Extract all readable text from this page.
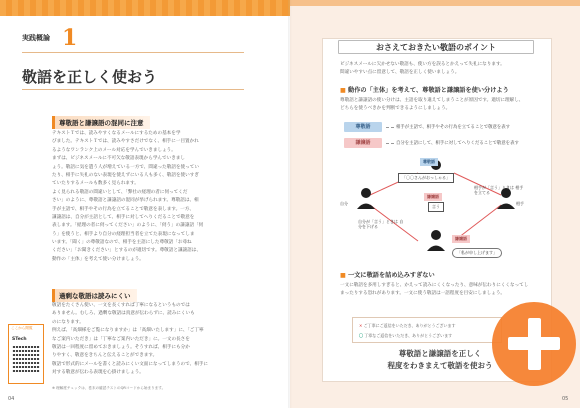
実践概論 1
敬語を正しく使おう
尊敬語と謙譲語の混同に注意
テキストＴでは、読みやすくなるメールにするための基本を学
びました。テキストＴでは、読みやすさだけでなく、相手に一目置かれ
るようなワンランク上のメール対応を学んでいきましょう。
まずは、ビジネスメールに不可欠な敬語表現から学んでいきまし
ょう。敬語に気を遣う人が増えている一方で、間違った敬語を使ってい
たり、相手に失礼のない表現を使えずにいる人も多く、敬語を使いすぎ
ていたりするメールも数多く見られます。
よく見られる敬語の間違いとして、「弊社の経理の者に伺ってくだ
さい」のように、尊敬語と謙譲語の混同が挙げられます。尊敬語は、相
手が主語で、相手やその行為を立てることで敬意を表します。一方、
謙譲語は、自分が主語として、相手に対してへりくだることで敬意を
表します。「経理の者に伺ってください」のように、「伺う」の謙譲語「伺
う」を使うと、相手より自分の経理担当者を立てた表現になってしま
います。「聞く」の尊敬語なので、相手を主語にした尊敬語「お尋ね
ください」「お聞きください」とするのが適切です。尊敬語と謙譲語は、
動作の「主体」を考えて使い分けましょう。
過剰な敬語は読みにくい
敬語をたくさん使い、一文を長くすれば丁寧になるというものでは
ありません。むしろ、過剰な敬語は真意が伝わらずに、読みにくいも
のになります。
例えば、「高畑様をご覧になりますか」は「高畑いたします」に、「ご丁寧
なご案内いただき」は「丁寧なご案内いただき」に。一文の長さを
敬語は一回程度に留めておきましょう。そうすれば、相手にも分か
りやすく、敬意をきちんと伝えることができます。
敬語で形式的にメールを書くと読みにくい文面になってしまうので、相手に
対する敬意が伝わる表現を心掛けましょう。
ここから閲覧
STech
※ 理解度チェックは、巻末の確認テストのQRコードから始まります。
04
おさえておきたい敬語のポイント
ビジネスメールに欠かせない敬語も、使い方を誤るとかえって失礼になります。
間違いやすい点に留意して、敬語を正しく使いましょう。
■ 動作の「主体」を考えて、尊敬語と謙譲語を使い分けよう
尊敬語と謙譲語の使い分けは、主語を取り違えてしまうことが原因です。適切に理解し、
どちらを使うべきかを判断できるようにしましょう。
尊敬語	相手が主語で、相手やその行為を立てることで敬意を表す
謙譲語	自分を主語にして、相手に対してへりくだることで敬意を表す
「〇〇さんがおっしゃる」
尊敬語
謙譲語
言う
自分	相手
相手が「言う」ときは 相手を立てる
自分が「言う」ときは 自分を下げる
謙譲語
「私が申し上げます」
■ 一文に敬語を詰め込みすぎない
一文に敬語を多用しすぎると、かえって読みにくくなったり、意味が伝わりにくくなってし
まったりする恐れがあります。一文に使う敬語は一語程度を目安にしましょう。
✕ ご丁寧にご返信をいただき、ありがとうございます
〇 丁寧なご返信をいただき、ありがとうございます
尊敬語と謙譲語を正しく
程度をわきまえて敬語を使おう
05
